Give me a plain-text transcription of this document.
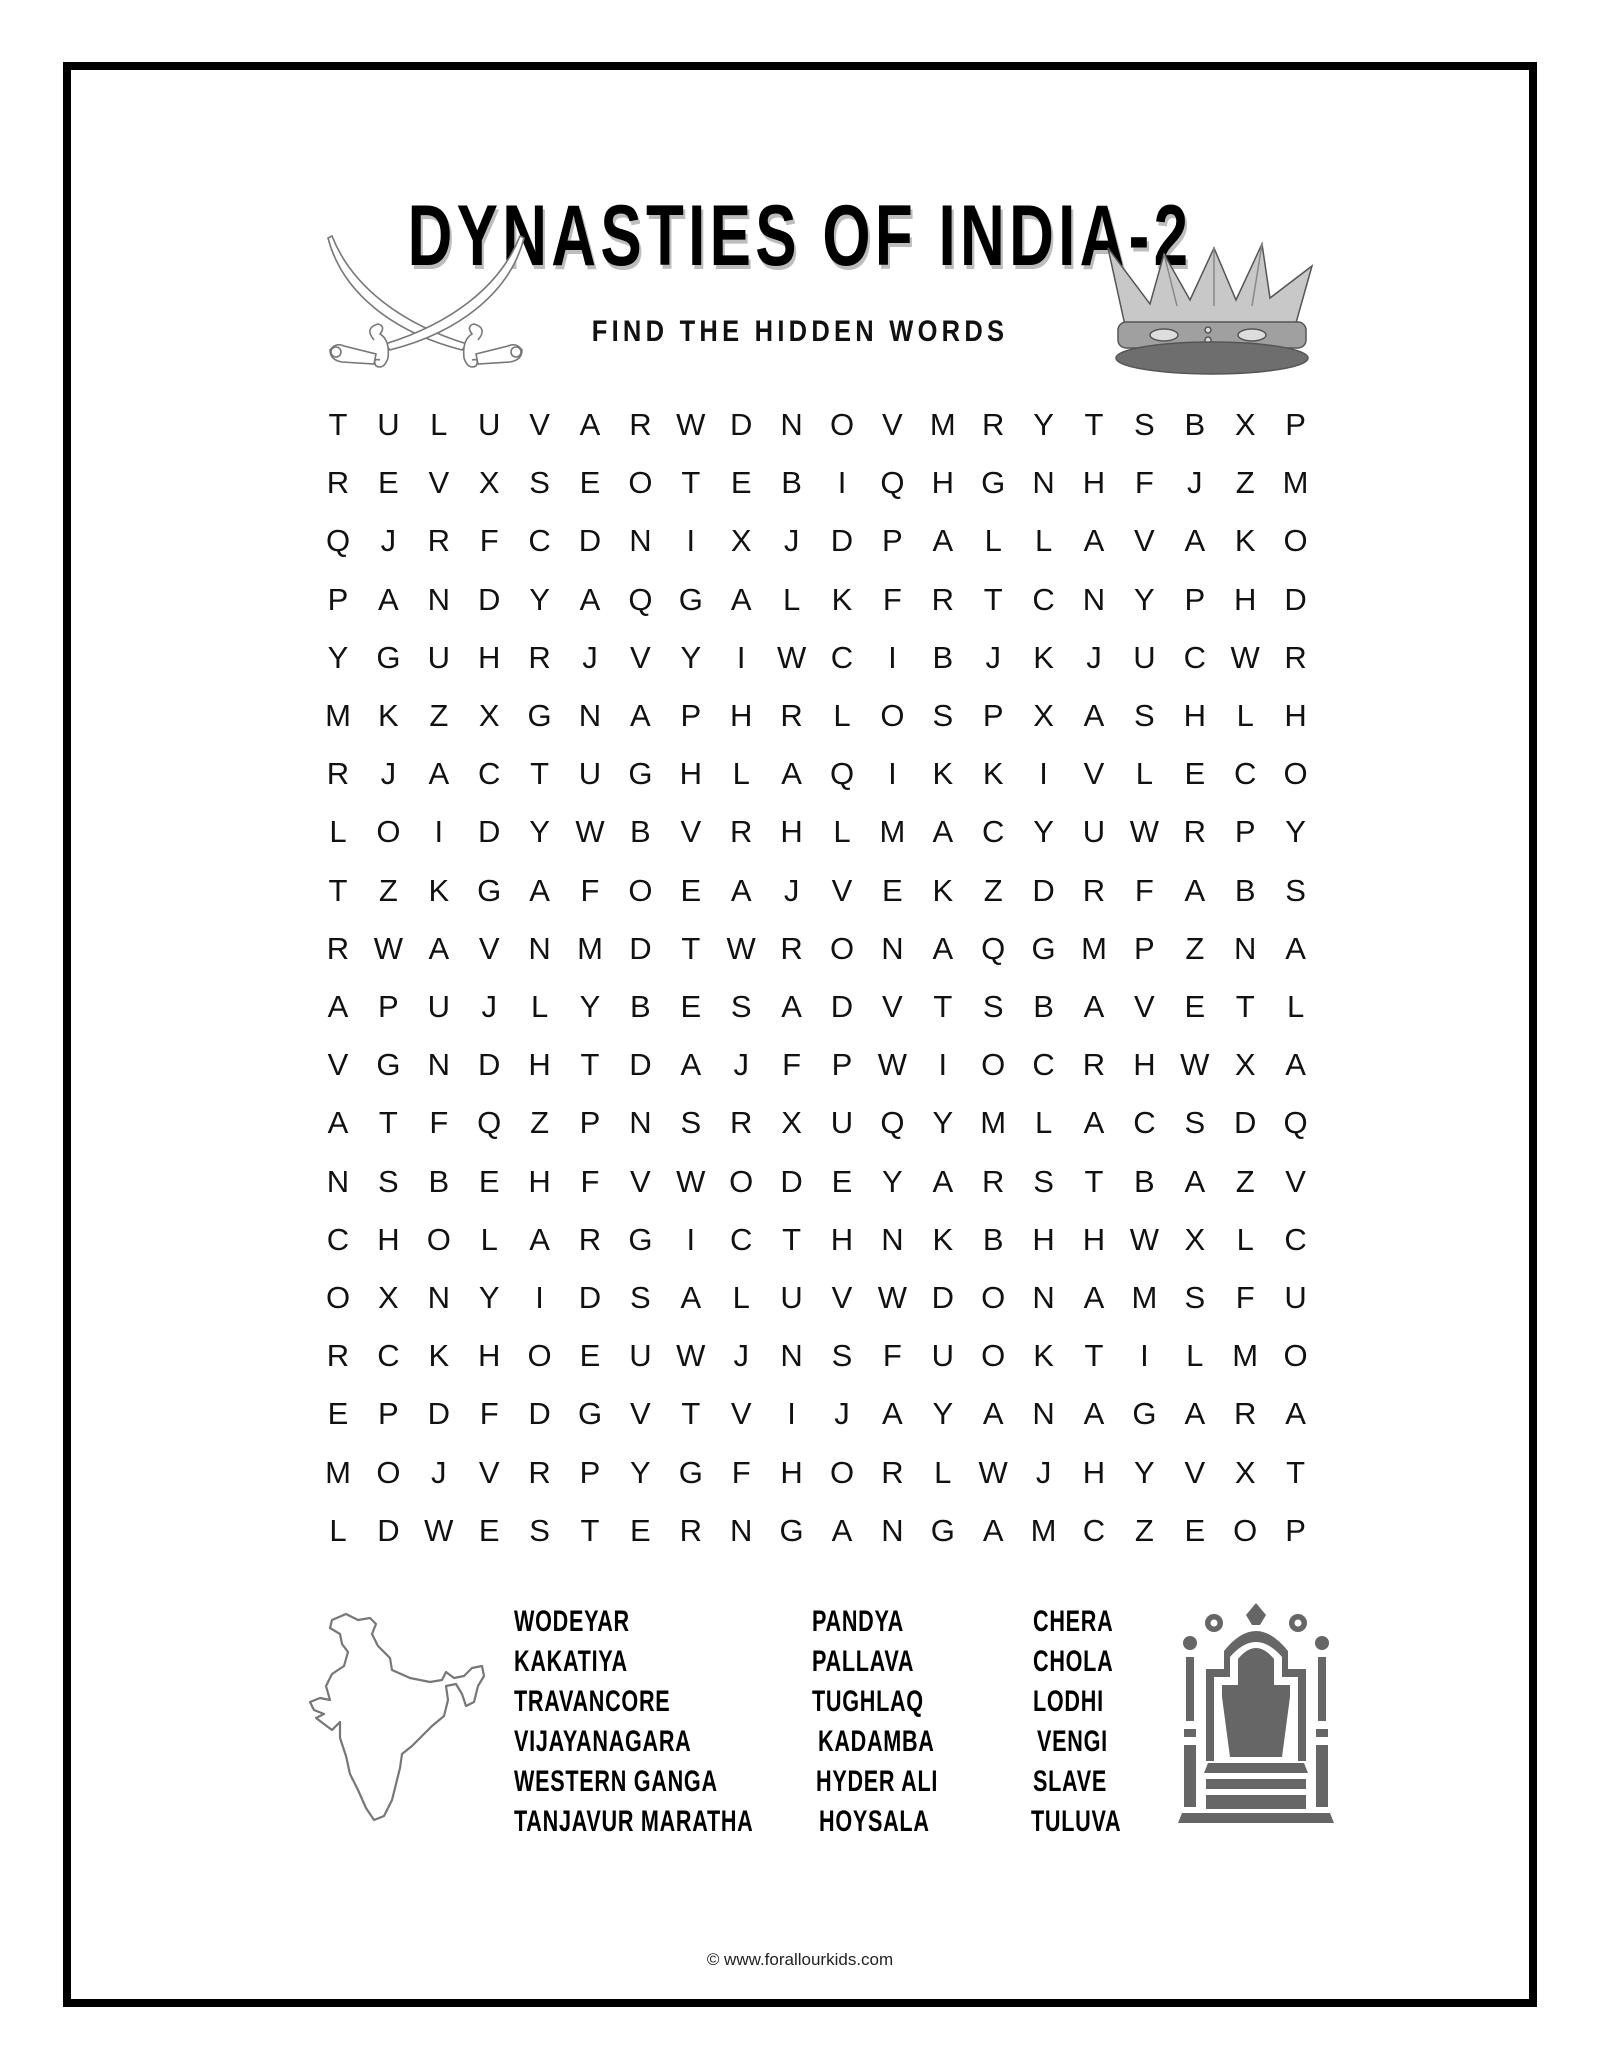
DYNASTIES OF INDIA-2
FIND THE HIDDEN WORDS
T U L U V A R W D N O V M R Y T S B X P
R E V X S E O T E B	I	Q H G N H F	J	Z M
Q J	R F C D N	I	X	J	D P A	L	L	A V A K O
P A N D Y A Q G A	L	K F R T C N Y P H D
Y G U H R	J	V Y	I	W C	I	B	J	K	J	U C W R
M K Z X G N A P H R L O S P X A S H L H
R	J	A C T U G H L	A Q	I	K K	I	V	L	E C O
L O	I	D Y W B V R H L M A C Y U W R P Y
T	Z K G A F O E A	J	V E K Z D R F A B S
R W A V N M D T W R O N A Q G M P Z N A
A P U	J	L	Y B E S A D V T S B A V E T	L
V G N D H T D A	J	F P W	I	O C R H W X A
A T	F Q Z P N S R X U Q Y M L	A C S D Q
N S B E H F V W O D E Y A R S T B A Z V
C H O L	A R G	I	C T H N K B H H W X	L C
O X N Y	I	D S A	L U V W D O N A M S F U
R C K H O E U W J	N S F U O K T	I	L M O
E P D F D G V T V	I	J	A Y A N A G A R A
M O J	V R P Y G F H O R L W J	H Y V X T
L D W E S T E R N G A N G A M C Z E O P
WODEYAR
KAKATIYA
TRAVANCORE
VIJAYANAGARA
WESTERN GANGA
TANJAVUR MARATHA
PANDYA
PALLAVA
TUGHLAQ
KADAMBA
HYDER ALI
HOYSALA
CHERA
CHOLA
LODHI
VENGI
SLAVE
TULUVA
© www.forallourkids.com
